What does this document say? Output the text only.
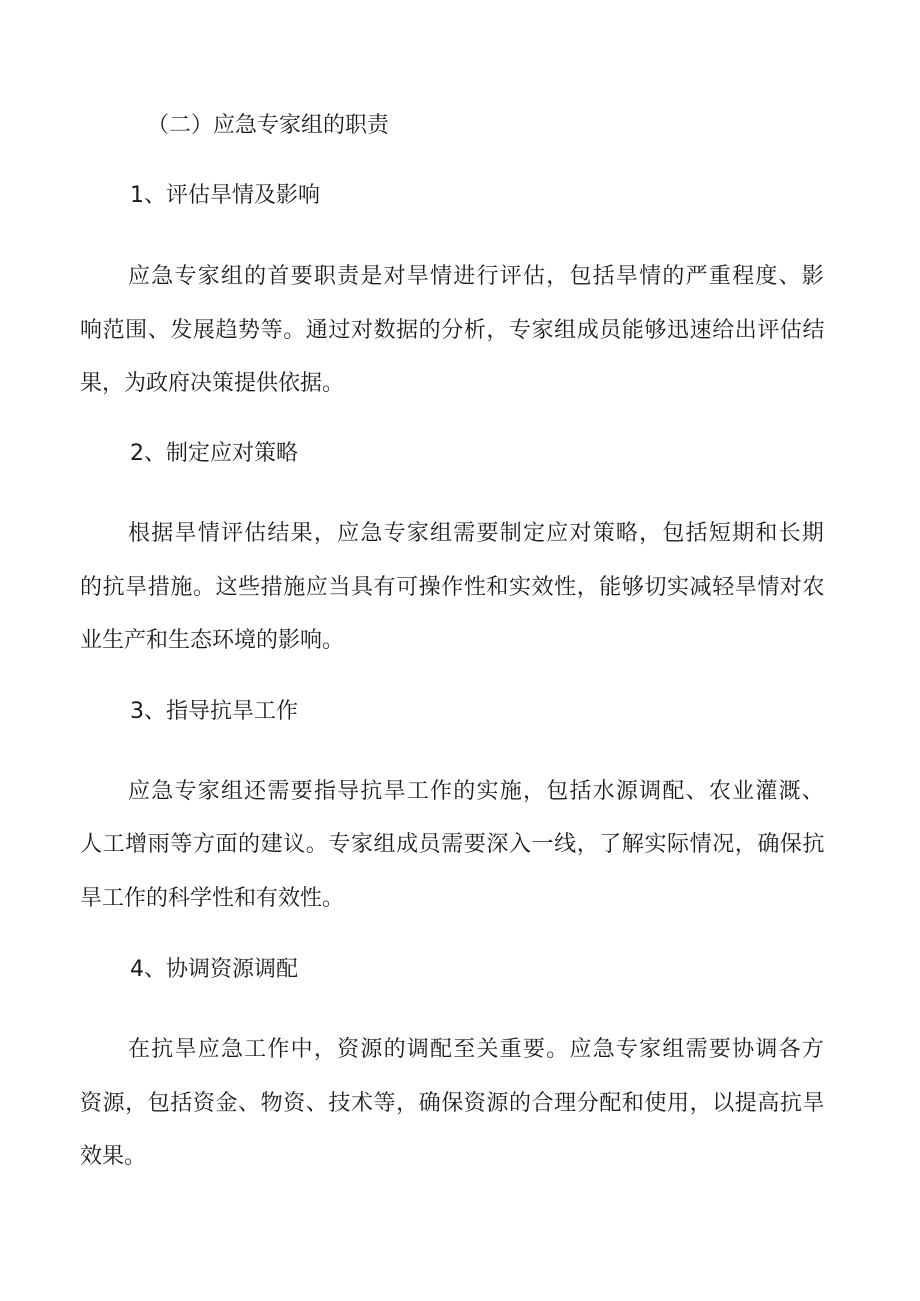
（二）应急专家组的职责
1、评估旱情及影响
应 急 专 家 组 的 首 要 职 责 是 对 旱 情 进 行 评 估 ， 包 括 旱 情 的 严 重 程 度 、 影
响 范 围 、 发 展 趋 势 等 。 通 过 对 数 据 的 分 析 ， 专 家 组 成 员 能 够 迅 速 给 出 评 估 结
果，为政府决策提供依据。
2、制定应对策略
根 据 旱 情 评 估 结 果 ， 应 急 专 家 组 需 要 制 定 应 对 策 略 ， 包 括 短 期 和 长 期
的 抗 旱 措 施 。 这 些 措 施 应 当 具 有 可 操 作 性 和 实 效 性 ， 能 够 切 实 减 轻 旱 情 对 农
业生产和生态环境的影响。
3、指导抗旱工作
应 急 专 家 组 还 需 要 指 导 抗 旱 工 作 的 实 施 ， 包 括 水 源 调 配 、 农 业 灌 溉 、
人 工 增 雨 等 方 面 的 建 议 。 专 家 组 成 员 需 要 深 入 一 线 ， 了 解 实 际 情 况 ， 确 保 抗
旱工作的科学性和有效性。
4、协调资源调配
在 抗 旱 应 急 工 作 中 ， 资 源 的 调 配 至 关 重 要 。 应 急 专 家 组 需 要 协 调 各 方
资 源 ， 包 括 资 金 、 物 资 、 技 术 等 ， 确 保 资 源 的 合 理 分 配 和 使 用 ， 以 提 高 抗 旱
效果。
